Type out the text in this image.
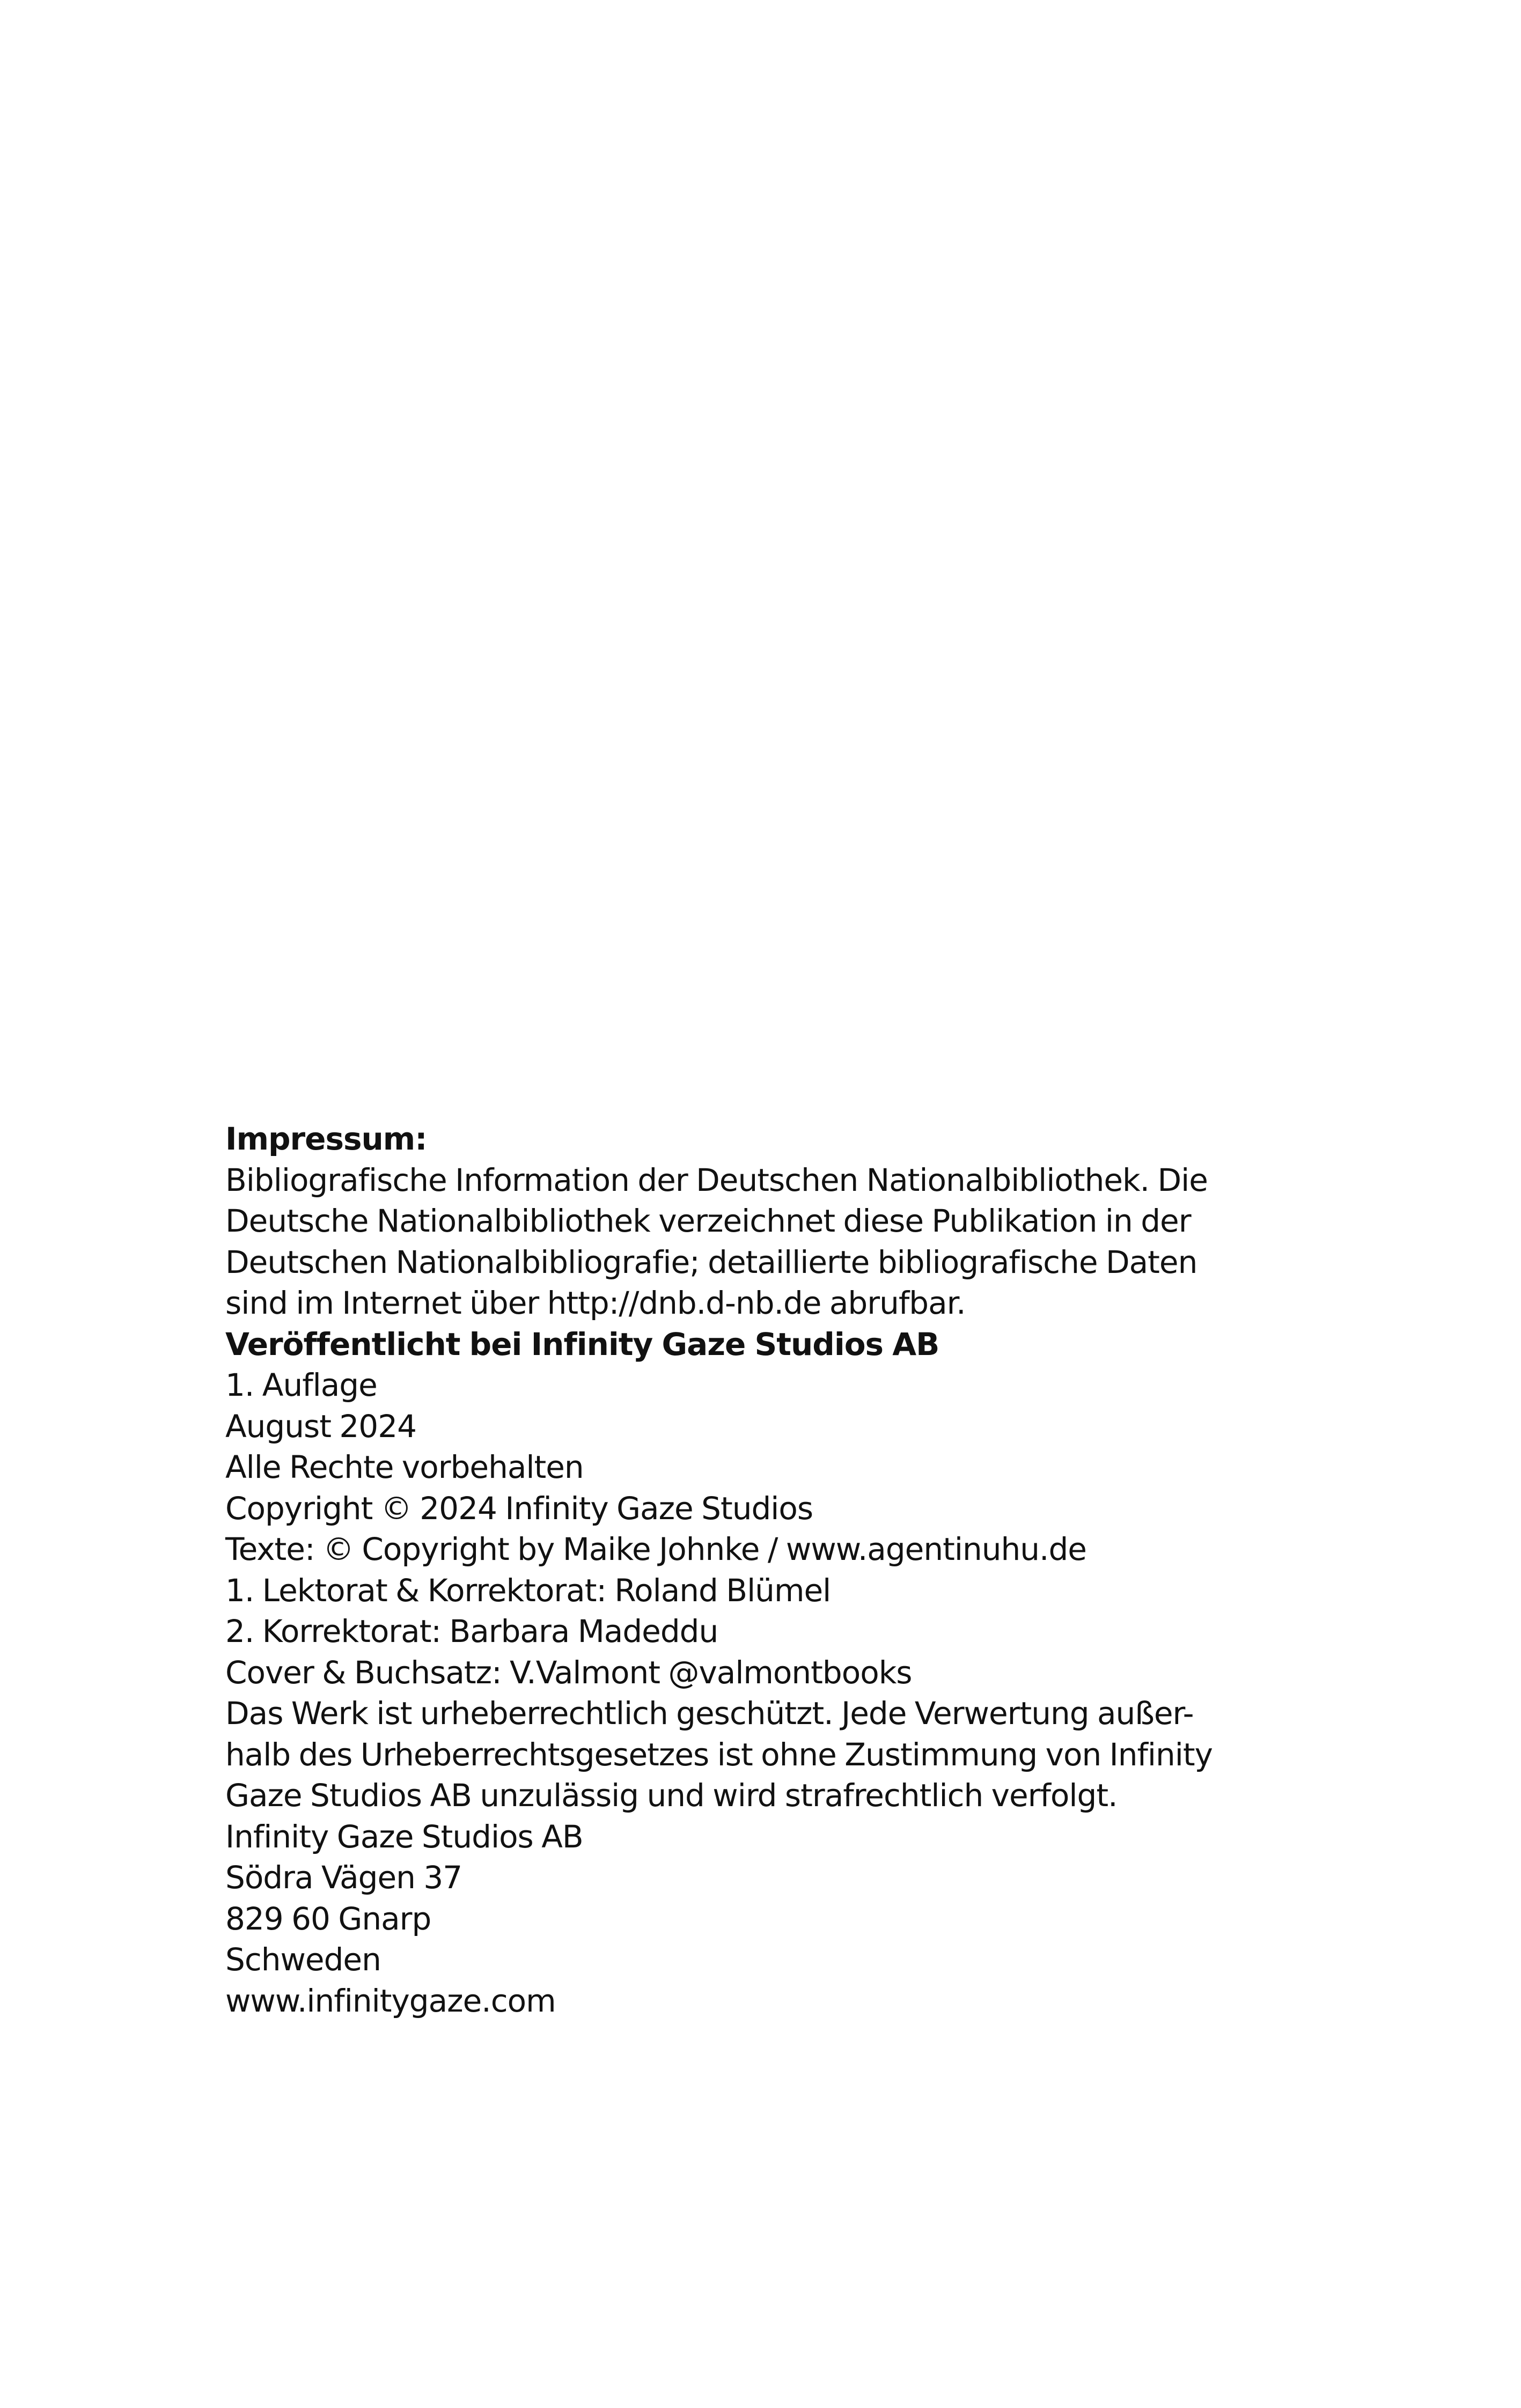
Impressum:
Bibliografische Information der Deutschen Nationalbibliothek. Die
Deutsche Nationalbibliothek verzeichnet diese Publikation in der
Deutschen Nationalbibliografie; detaillierte bibliografische Daten
sind im Internet über http://dnb.d-nb.de abrufbar.
Veröffentlicht bei Infinity Gaze Studios AB
1. Auflage
August 2024
Alle Rechte vorbehalten
Copyright © 2024 Infinity Gaze Studios
Texte: © Copyright by Maike Johnke / www.agentinuhu.de
1. Lektorat & Korrektorat: Roland Blümel
2. Korrektorat: Barbara Madeddu
Cover & Buchsatz: V.Valmont @valmontbooks
Das Werk ist urheberrechtlich geschützt. Jede Verwertung außer-
halb des Urheberrechtsgesetzes ist ohne Zustimmung von Infinity
Gaze Studios AB unzulässig und wird strafrechtlich verfolgt.
Infinity Gaze Studios AB
Södra Vägen 37
829 60 Gnarp
Schweden
www.infinitygaze.com
